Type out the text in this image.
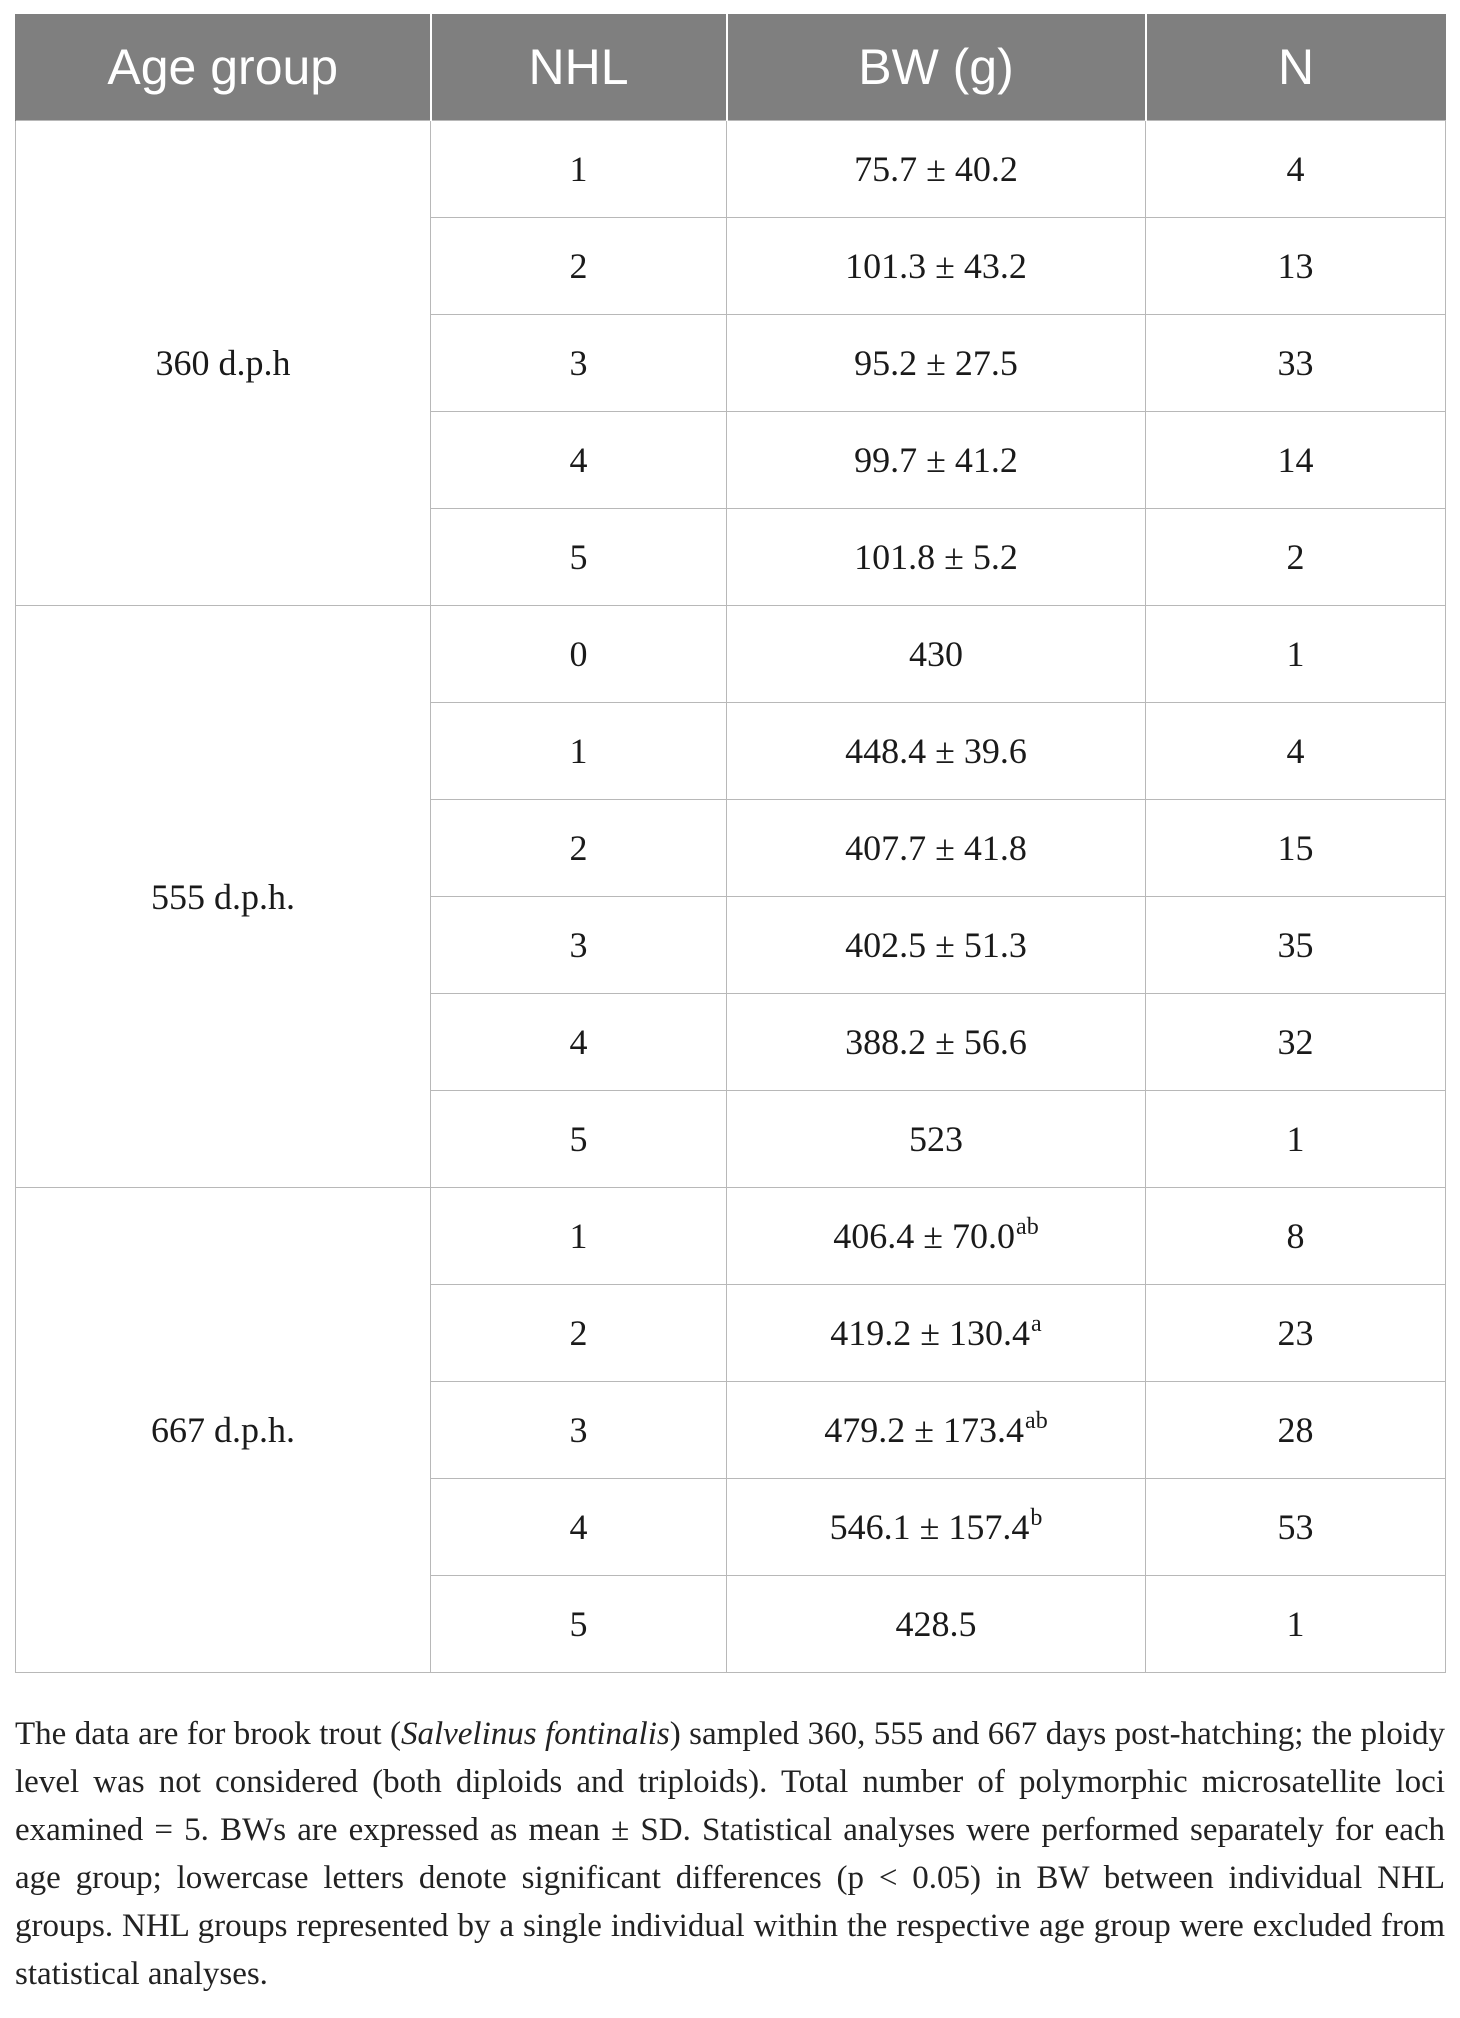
Age group	NHL	BW (g)	N
360 d.p.h	1	75.7 ± 40.2	4
	2	101.3 ± 43.2	13
	3	95.2 ± 27.5	33
	4	99.7 ± 41.2	14
	5	101.8 ± 5.2	2
555 d.p.h.	0	430	1
	1	448.4 ± 39.6	4
	2	407.7 ± 41.8	15
	3	402.5 ± 51.3	35
	4	388.2 ± 56.6	32
	5	523	1
667 d.p.h.	1	406.4 ± 70.0$^{ab}$	8
	2	419.2 ± 130.4$^a$	23
	3	479.2 ± 173.4$^{ab}$	28
	4	546.1 ± 157.4$^b$	53
	5	428.5	1
The data are for brook trout (Salvelinus fontinalis) sampled 360, 555 and 667 days post-hatching; the ploidy level was not considered (both diploids and triploids). Total number of polymorphic microsatellite loci examined = 5. BWs are expressed as mean ± SD. Statistical analyses were performed separately for each age group; lowercase letters denote significant differences (p < 0.05) in BW between individual NHL groups. NHL groups represented by a single individual within the respective age group were excluded from statistical analyses.
